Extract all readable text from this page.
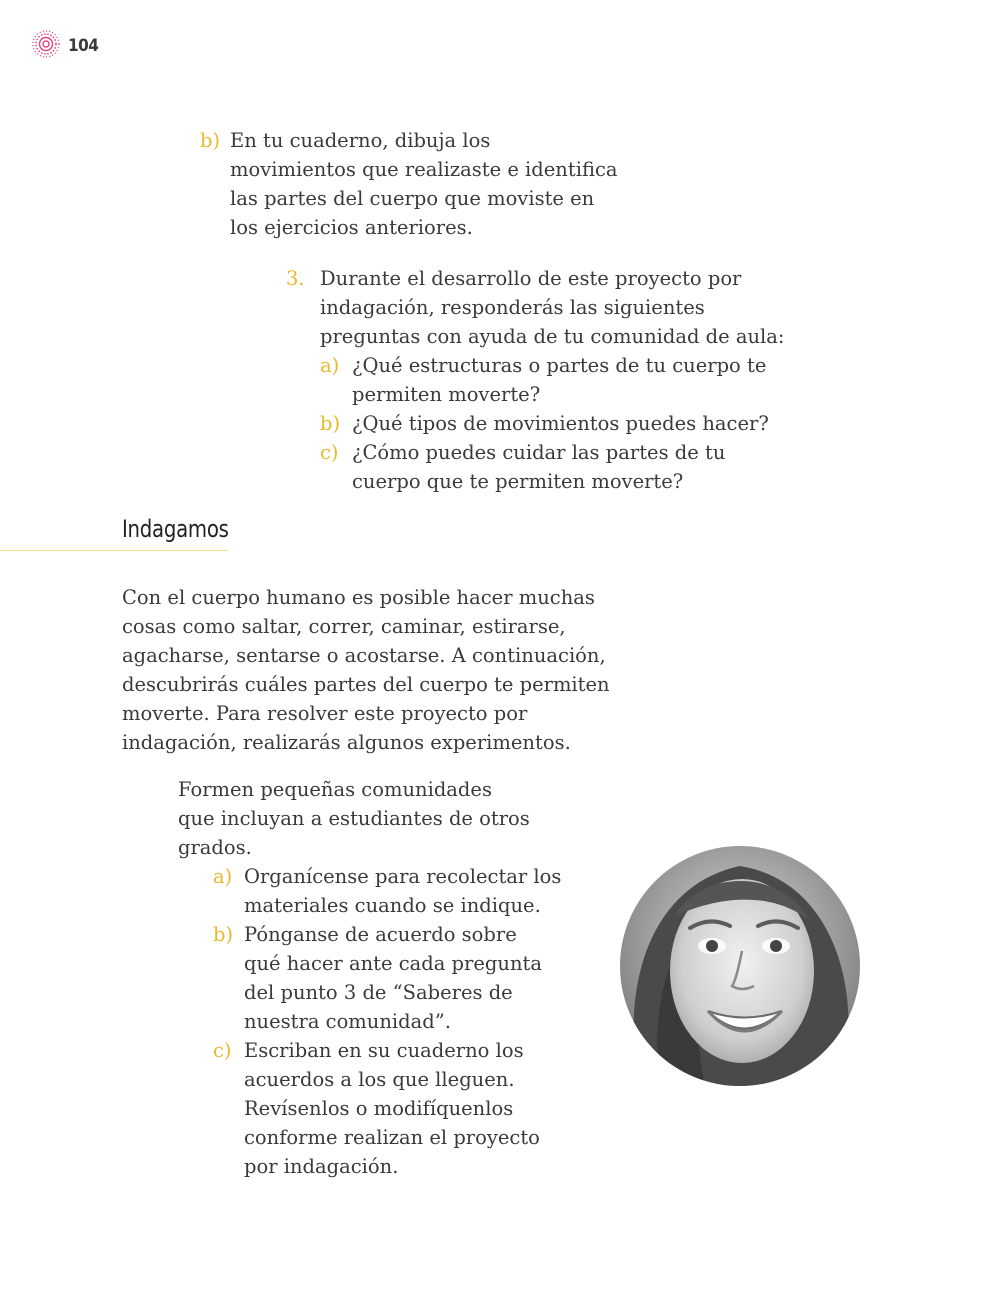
104
b) En tu cuaderno, dibuja los
movimientos que realizaste e identifica
las partes del cuerpo que moviste en
los ejercicios anteriores.
3. Durante el desarrollo de este proyecto por
indagación, responderás las siguientes
preguntas con ayuda de tu comunidad de aula:
a) ¿Qué estructuras o partes de tu cuerpo te
permiten moverte?
b) ¿Qué tipos de movimientos puedes hacer?
c) ¿Cómo puedes cuidar las partes de tu
cuerpo que te permiten moverte?
Indagamos
Con el cuerpo humano es posible hacer muchas
cosas como saltar, correr, caminar, estirarse,
agacharse, sentarse o acostarse. A continuación,
descubrirás cuáles partes del cuerpo te permiten
moverte. Para resolver este proyecto por
indagación, realizarás algunos experimentos.
Formen pequeñas comunidades
que incluyan a estudiantes de otros
grados.
a) Organícense para recolectar los
materiales cuando se indique.
b) Pónganse de acuerdo sobre
qué hacer ante cada pregunta
del punto 3 de “Saberes de
nuestra comunidad”.
c) Escriban en su cuaderno los
acuerdos a los que lleguen.
Revísenlos o modifíquenlos
conforme realizan el proyecto
por indagación.
